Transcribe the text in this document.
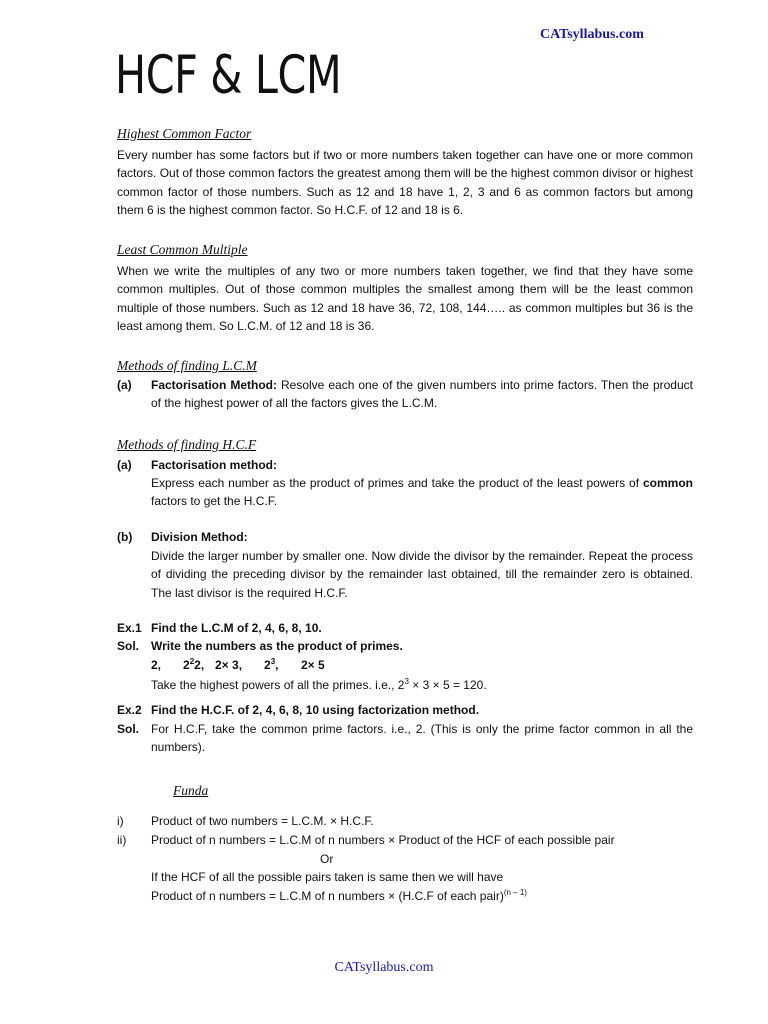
CATsyllabus.com
HCF & LCM
Highest Common Factor
Every number has some factors but if two or more numbers taken together can have one or more common factors. Out of those common factors the greatest among them will be the highest common divisor or highest common factor of those numbers. Such as 12 and 18 have 1, 2, 3 and 6 as common factors but among them 6 is the highest common factor. So H.C.F. of 12 and 18 is 6.
Least Common Multiple
When we write the multiples of any two or more numbers taken together, we find that they have some common multiples. Out of those common multiples the smallest among them will be the least common multiple of those numbers. Such as 12 and 18 have 36, 72, 108, 144….. as common multiples but 36 is the least among them. So L.C.M. of 12 and 18 is 36.
Methods of finding L.C.M
(a) Factorisation Method: Resolve each one of the given numbers into prime factors. Then the product of the highest power of all the factors gives the L.C.M.
Methods of finding H.C.F
(a) Factorisation method:
Express each number as the product of primes and take the product of the least powers of common factors to get the H.C.F.
(b) Division Method:
Divide the larger number by smaller one. Now divide the divisor by the remainder. Repeat the process of dividing the preceding divisor by the remainder last obtained, till the remainder zero is obtained. The last divisor is the required H.C.F.
Ex.1 Find the L.C.M of 2, 4, 6, 8, 10.
Sol. Write the numbers as the product of primes.
2, $2^22$, 2× 3, $2^3$, 2× 5
Take the highest powers of all the primes. i.e., $2^3 \times 3 \times 5 = 120$.
Ex.2 Find the H.C.F. of 2, 4, 6, 8, 10 using factorization method.
Sol. For H.C.F, take the common prime factors. i.e., 2. (This is only the prime factor common in all the numbers).
Funda
i) Product of two numbers = L.C.M. × H.C.F.
ii) Product of n numbers = L.C.M of n numbers × Product of the HCF of each possible pair
Or
If the HCF of all the possible pairs taken is same then we will have
Product of n numbers = L.C.M of n numbers × (H.C.F of each pair)$^{(n - 1)}$
CATsyllabus.com
